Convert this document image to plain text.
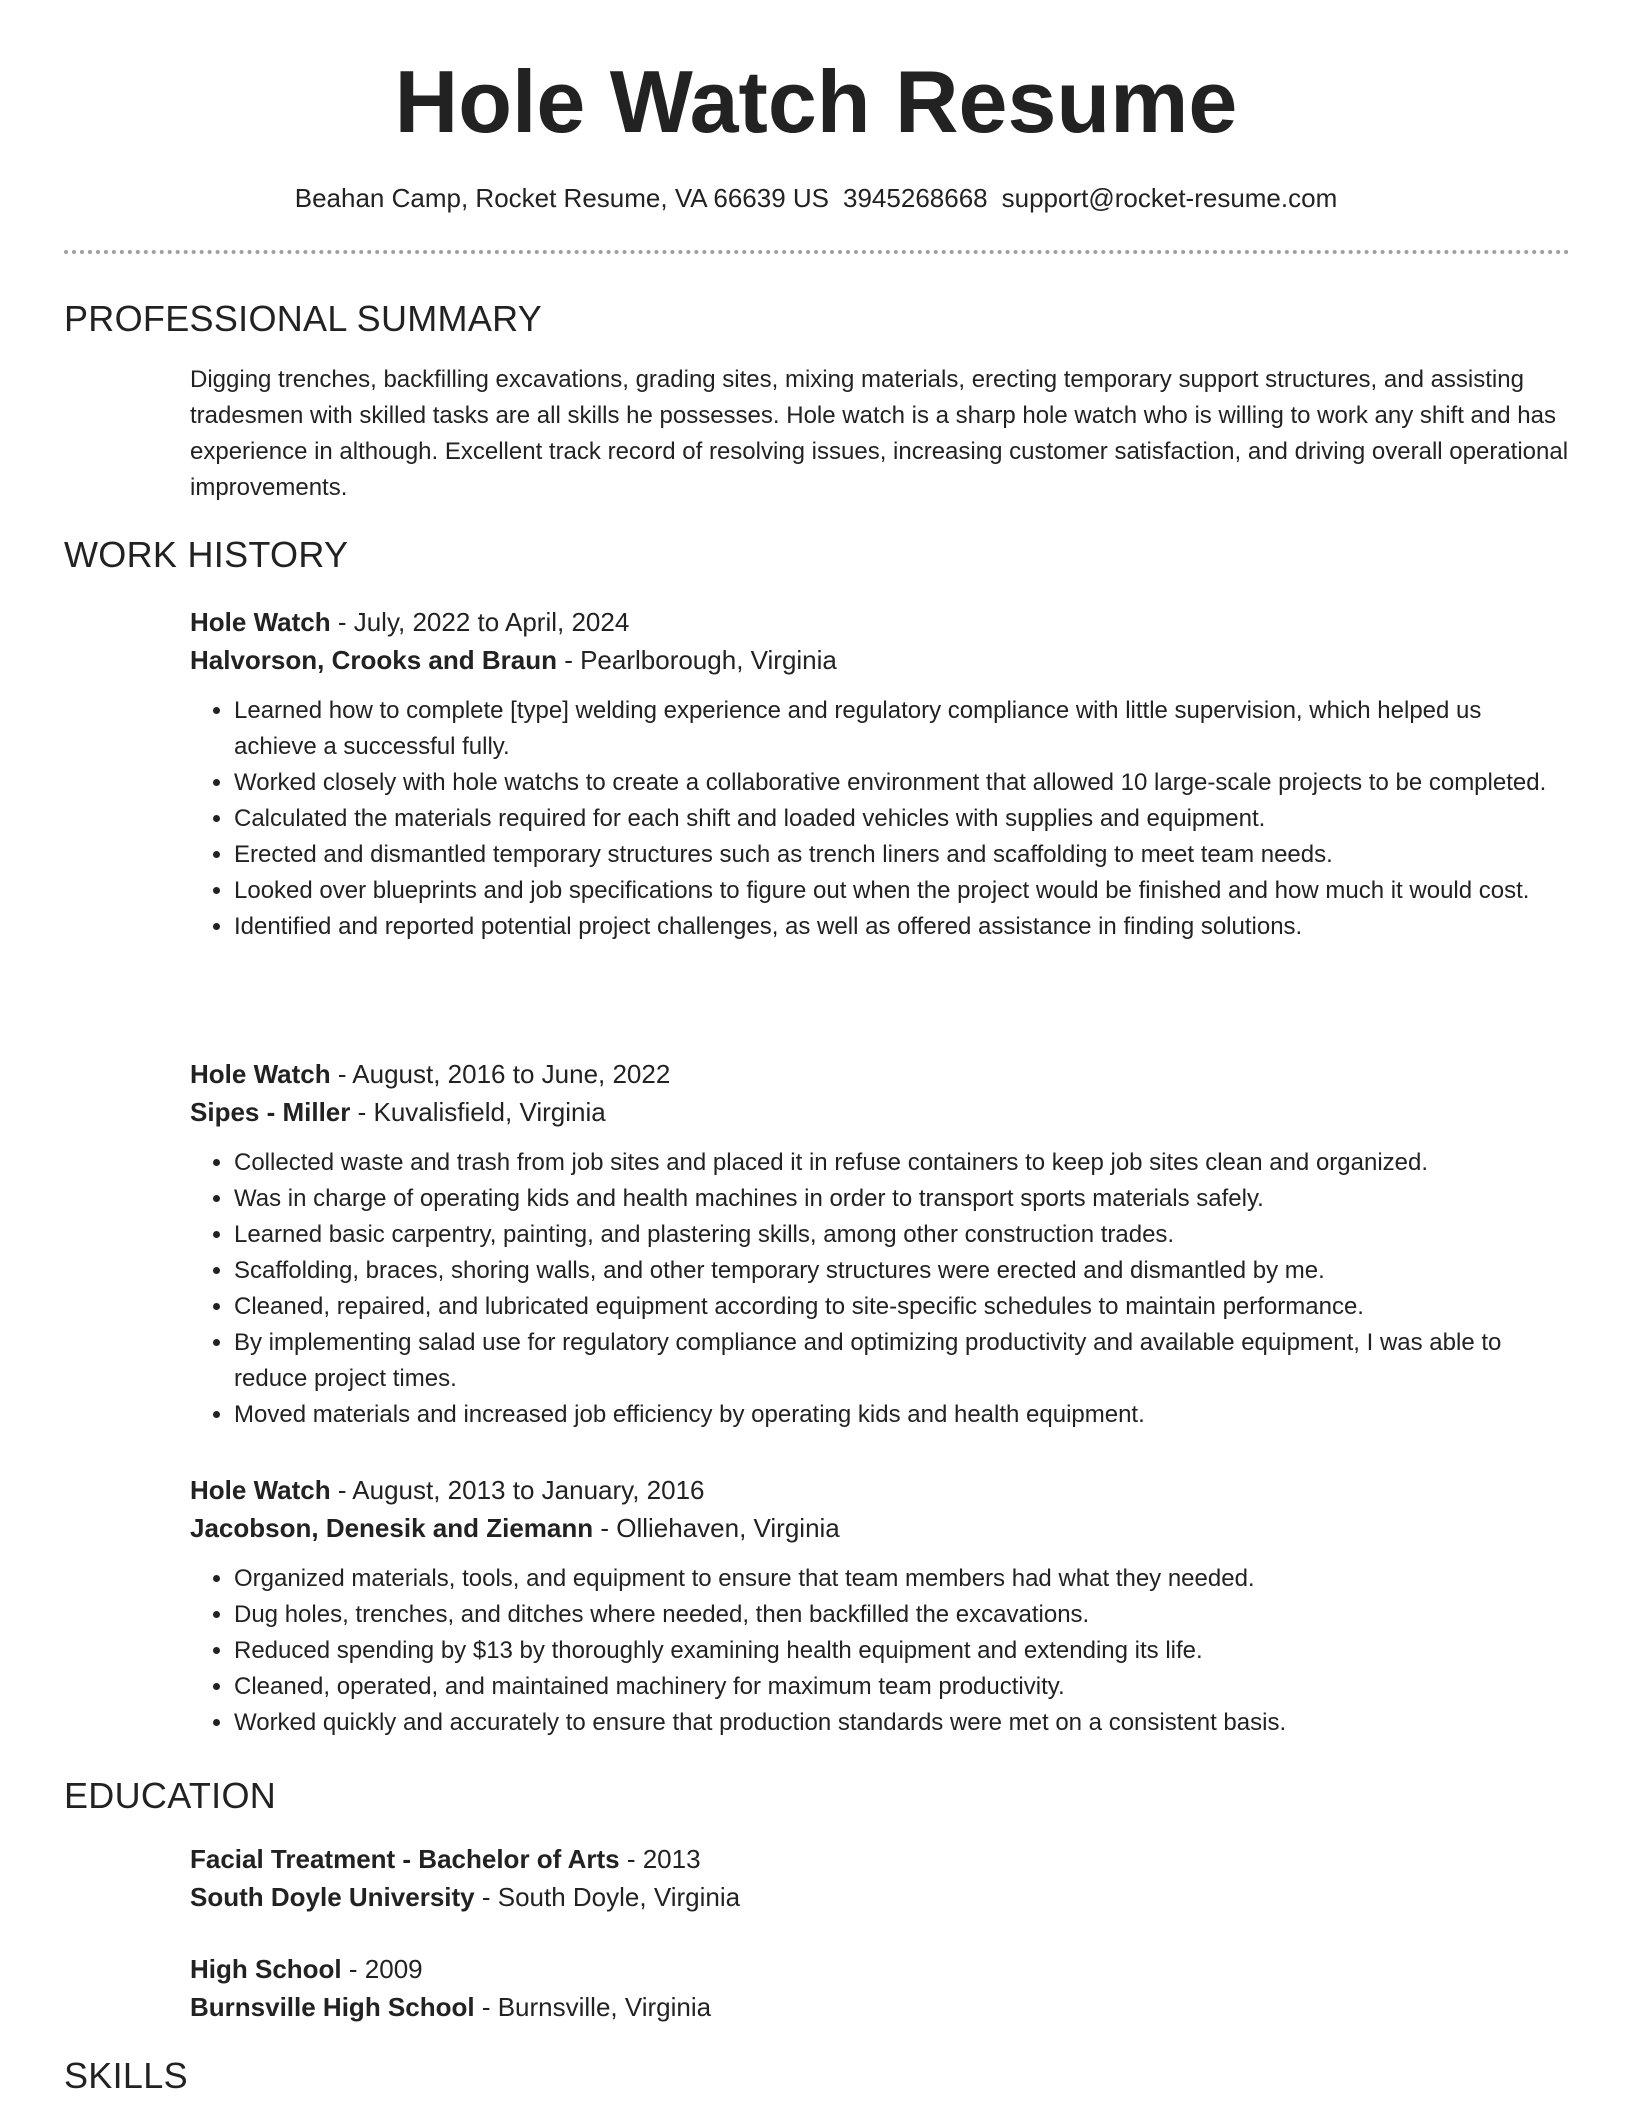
Hole Watch Resume
Beahan Camp, Rocket Resume, VA 66639 US 3945268668 support@rocket-resume.com
PROFESSIONAL SUMMARY

Digging trenches, backfilling excavations, grading sites, mixing materials, erecting temporary support structures, and assisting tradesmen with skilled tasks are all skills he possesses. Hole watch is a sharp hole watch who is willing to work any shift and has experience in although. Excellent track record of resolving issues, increasing customer satisfaction, and driving overall operational improvements.

WORK HISTORY

Hole Watch - July, 2022 to April, 2024

Halvorson, Crooks and Braun - Pearlborough, Virginia

• Learned how to complete [type] welding experience and regulatory compliance with little supervision, which helped us achieve a successful fully.
• Worked closely with hole watchs to create a collaborative environment that allowed 10 large-scale projects to be completed.
• Calculated the materials required for each shift and loaded vehicles with supplies and equipment.
• Erected and dismantled temporary structures such as trench liners and scaffolding to meet team needs.
• Looked over blueprints and job specifications to figure out when the project would be finished and how much it would cost.
• Identified and reported potential project challenges, as well as offered assistance in finding solutions.

Hole Watch - August, 2016 to June, 2022

Sipes - Miller - Kuvalisfield, Virginia

• Collected waste and trash from job sites and placed it in refuse containers to keep job sites clean and organized.
• Was in charge of operating kids and health machines in order to transport sports materials safely.
• Learned basic carpentry, painting, and plastering skills, among other construction trades.
• Scaffolding, braces, shoring walls, and other temporary structures were erected and dismantled by me.
• Cleaned, repaired, and lubricated equipment according to site-specific schedules to maintain performance.
• By implementing salad use for regulatory compliance and optimizing productivity and available equipment, I was able to reduce project times.
• Moved materials and increased job efficiency by operating kids and health equipment.

Hole Watch - August, 2013 to January, 2016

Jacobson, Denesik and Ziemann - Olliehaven, Virginia

• Organized materials, tools, and equipment to ensure that team members had what they needed.
• Dug holes, trenches, and ditches where needed, then backfilled the excavations.
• Reduced spending by $13 by thoroughly examining health equipment and extending its life.
• Cleaned, operated, and maintained machinery for maximum team productivity.
• Worked quickly and accurately to ensure that production standards were met on a consistent basis.
EDUCATION

Facial Treatment - Bachelor of Arts - 2013

South Doyle University - South Doyle, Virginia

High School - 2009

Burnsville High School - Burnsville, Virginia

SKILLS
